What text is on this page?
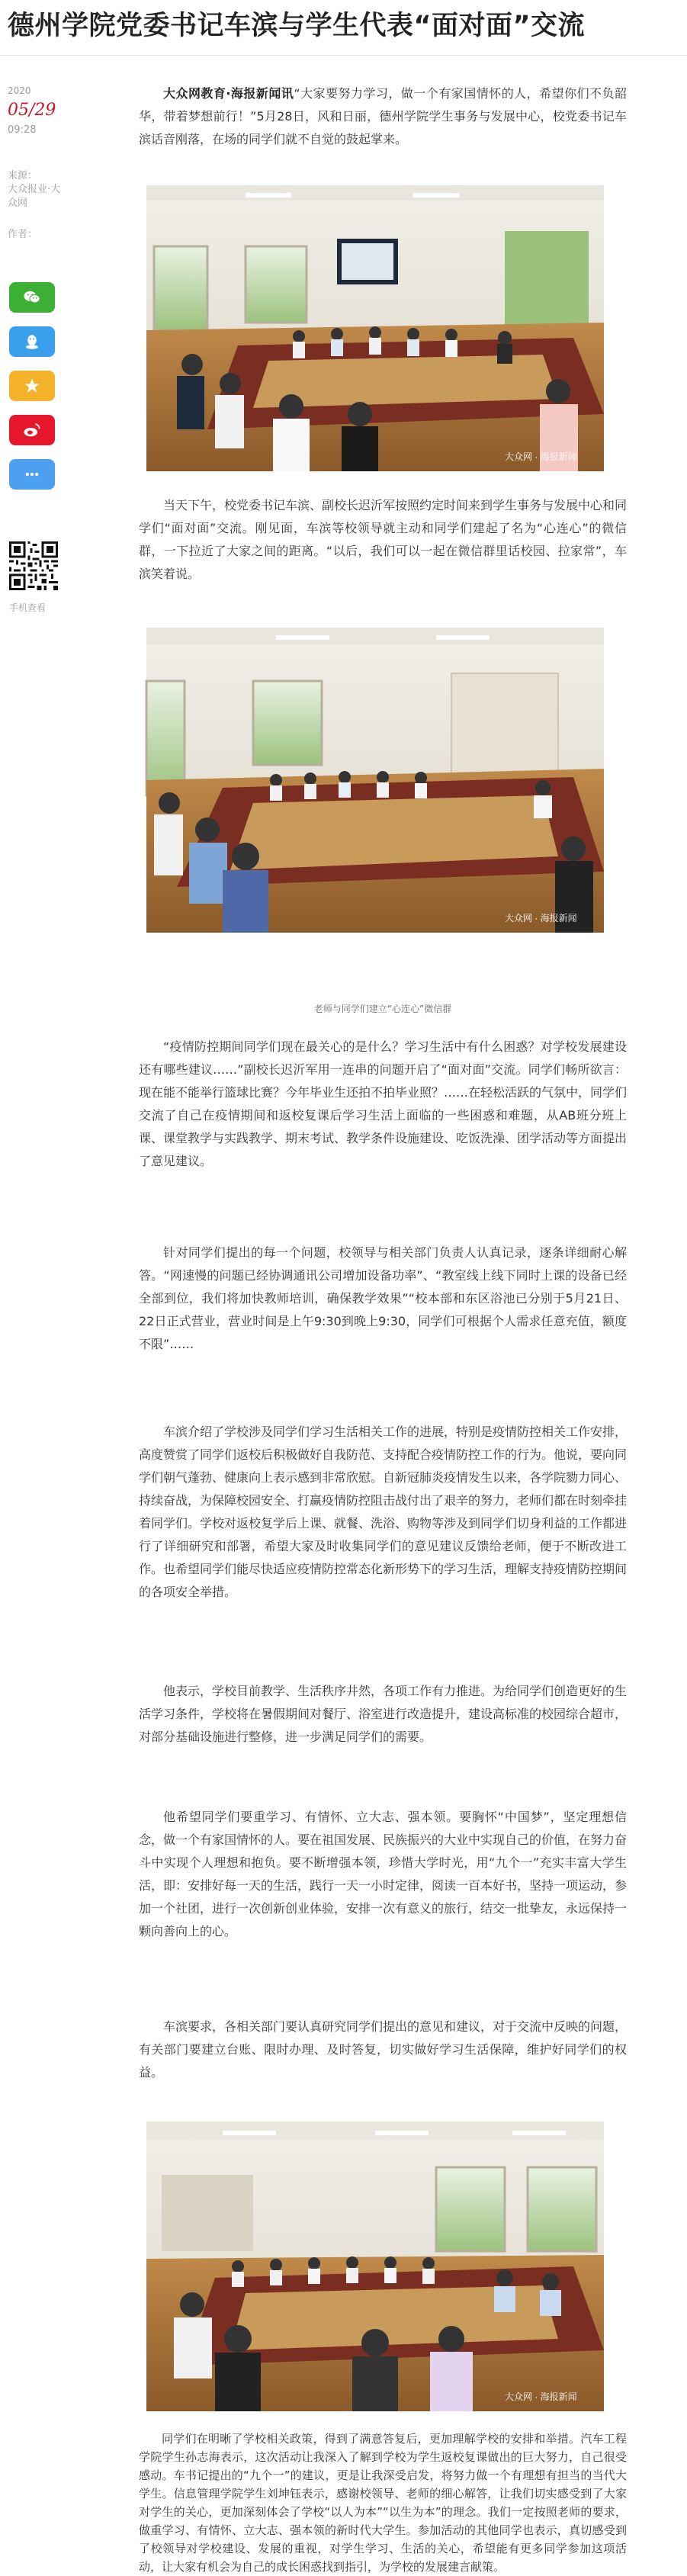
德州学院党委书记车滨与学生代表“面对面”交流
2020
05/29
09:28
来源：
大众报业·大众网
作者：
手机查看

大众网教育·海报新闻讯“大家要努力学习，做一个有家国情怀的人，希望你们不负韶华，带着梦想前行！”5月28日，风和日丽，德州学院学生事务与发展中心，校党委书记车滨话音刚落，在场的同学们就不自觉的鼓起掌来。

大众网 · 海报新闻

当天下午，校党委书记车滨、副校长迟沂军按照约定时间来到学生事务与发展中心和同学们“面对面”交流。刚见面，车滨等校领导就主动和同学们建起了名为“心连心”的微信群，一下拉近了大家之间的距离。“以后，我们可以一起在微信群里话校园、拉家常”，车滨笑着说。

大众网 · 海报新闻
老师与同学们建立“心连心”微信群

“疫情防控期间同学们现在最关心的是什么？学习生活中有什么困惑？对学校发展建设还有哪些建议……”副校长迟沂军用一连串的问题开启了“面对面”交流。同学们畅所欲言：现在能不能举行篮球比赛？今年毕业生还拍不拍毕业照？……在轻松活跃的气氛中，同学们交流了自己在疫情期间和返校复课后学习生活上面临的一些困惑和难题，从AB班分班上课、课堂教学与实践教学、期末考试、教学条件设施建设、吃饭洗澡、团学活动等方面提出了意见建议。

针对同学们提出的每一个问题，校领导与相关部门负责人认真记录，逐条详细耐心解答。“网速慢的问题已经协调通讯公司增加设备功率”、“教室线上线下同时上课的设备已经全部到位，我们将加快教师培训，确保教学效果”“校本部和东区浴池已分别于5月21日、22日正式营业，营业时间是上午9:30到晚上9:30，同学们可根据个人需求任意充值，额度不限”……

车滨介绍了学校涉及同学们学习生活相关工作的进展，特别是疫情防控相关工作安排，高度赞赏了同学们返校后积极做好自我防范、支持配合疫情防控工作的行为。他说，要向同学们朝气蓬勃、健康向上表示感到非常欣慰。自新冠肺炎疫情发生以来，各学院勠力同心、持续奋战，为保障校园安全、打赢疫情防控阻击战付出了艰辛的努力，老师们都在时刻牵挂着同学们。学校对返校复学后上课、就餐、洗浴、购物等涉及到同学们切身利益的工作都进行了详细研究和部署，希望大家及时收集同学们的意见建议反馈给老师，便于不断改进工作。也希望同学们能尽快适应疫情防控常态化新形势下的学习生活，理解支持疫情防控期间的各项安全举措。

他表示，学校目前教学、生活秩序井然，各项工作有力推进。为给同学们创造更好的生活学习条件，学校将在暑假期间对餐厅、浴室进行改造提升，建设高标准的校园综合超市，对部分基础设施进行整修，进一步满足同学们的需要。

他希望同学们要重学习、有情怀、立大志、强本领。要胸怀“中国梦”，坚定理想信念，做一个有家国情怀的人。要在祖国发展、民族振兴的大业中实现自己的价值，在努力奋斗中实现个人理想和抱负。要不断增强本领，珍惜大学时光，用“九个一”充实丰富大学生活，即：安排好每一天的生活，践行一天一小时定律，阅读一百本好书，坚持一项运动，参加一个社团，进行一次创新创业体验，安排一次有意义的旅行，结交一批挚友，永远保持一颗向善向上的心。

车滨要求，各相关部门要认真研究同学们提出的意见和建议，对于交流中反映的问题，有关部门要建立台账、限时办理、及时答复，切实做好学习生活保障，维护好同学们的权益。

大众网 · 海报新闻

同学们在明晰了学校相关政策，得到了满意答复后，更加理解学校的安排和举措。汽车工程学院学生孙志海表示，这次活动让我深入了解到学校为学生返校复课做出的巨大努力，自己很受感动。车书记提出的“九个一”的建议，更是让我深受启发，将努力做一个有理想有担当的当代大学生。信息管理学院学生刘坤钰表示，感谢校领导、老师的细心解答，让我们切实感受到了大家对学生的关心，更加深刻体会了学校“以人为本”“以生为本”的理念。我们一定按照老师的要求，做重学习、有情怀、立大志、强本领的新时代大学生。参加活动的其他同学也表示，真切感受到了校领导对学校建设、发展的重视，对学生学习、生活的关心，希望能有更多同学参加这项活动，让大家有机会为自己的成长困惑找到指引，为学校的发展建言献策。
